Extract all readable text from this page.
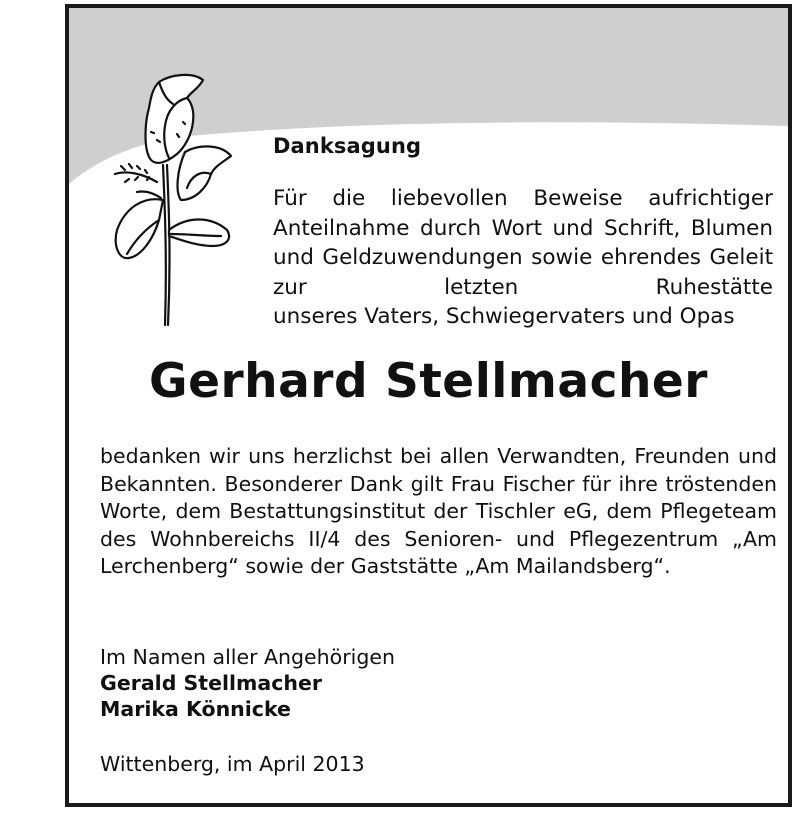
Danksagung

Für die liebevollen Beweise aufrichtiger Anteilnahme durch Wort und Schrift, Blumen und Geldzuwendungen sowie ehrendes Geleit zur letzten Ruhestätte
unseres Vaters, Schwiegervaters und Opas

Gerhard Stellmacher

bedanken wir uns herzlichst bei allen Verwandten, Freunden und Bekannten. Besonderer Dank gilt Frau Fischer für ihre tröstenden Worte, dem Bestattungsinstitut der Tischler eG, dem Pflegeteam des Wohnbereichs II/4 des Senioren- und Pflegezentrum „Am Lerchenberg“ sowie der Gaststätte „Am Mailandsberg“.

Im Namen aller Angehörigen
Gerald Stellmacher
Marika Könnicke

Wittenberg, im April 2013
